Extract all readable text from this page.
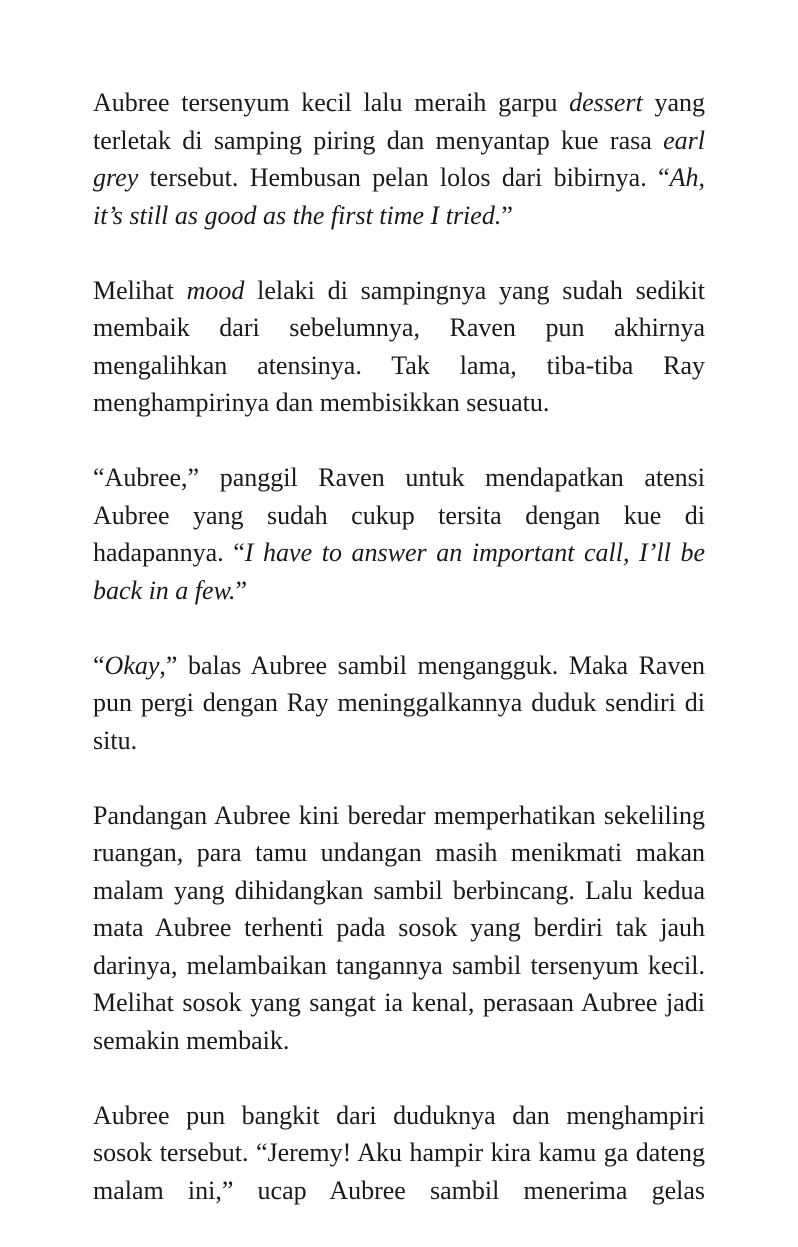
Aubree tersenyum kecil lalu meraih garpu dessert yang
terletak di samping piring dan menyantap kue rasa earl
grey tersebut. Hembusan pelan lolos dari bibirnya. “Ah,
it’s still as good as the first time I tried.”
Melihat mood lelaki di sampingnya yang sudah sedikit
membaik dari sebelumnya, Raven pun akhirnya
mengalihkan atensinya. Tak lama, tiba-tiba Ray
menghampirinya dan membisikkan sesuatu.
“Aubree,” panggil Raven untuk mendapatkan atensi
Aubree yang sudah cukup tersita dengan kue di
hadapannya. “I have to answer an important call, I’ll be
back in a few.”
“Okay,” balas Aubree sambil mengangguk. Maka Raven
pun pergi dengan Ray meninggalkannya duduk sendiri di
situ.
Pandangan Aubree kini beredar memperhatikan sekeliling
ruangan, para tamu undangan masih menikmati makan
malam yang dihidangkan sambil berbincang. Lalu kedua
mata Aubree terhenti pada sosok yang berdiri tak jauh
darinya, melambaikan tangannya sambil tersenyum kecil.
Melihat sosok yang sangat ia kenal, perasaan Aubree jadi
semakin membaik.
Aubree pun bangkit dari duduknya dan menghampiri
sosok tersebut. “Jeremy! Aku hampir kira kamu ga dateng
malam ini,” ucap Aubree sambil menerima gelas
